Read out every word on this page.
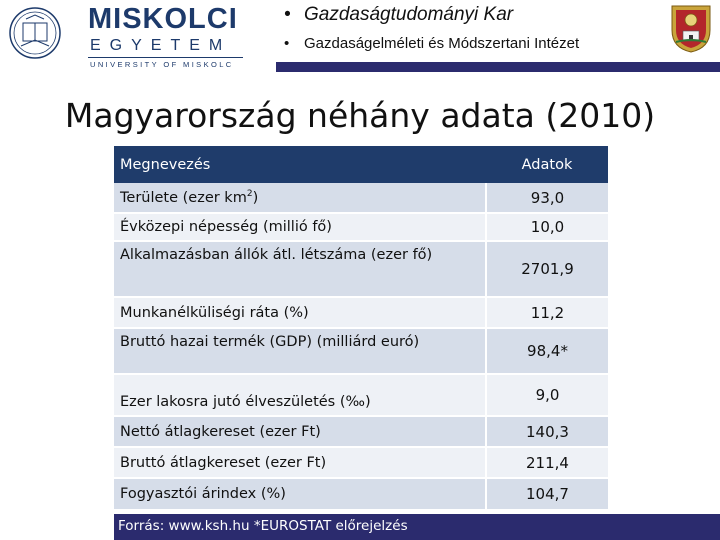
MISKOLCI
EGYETEM
UNIVERSITY OF MISKOLC
• Gazdaságtudományi Kar
• Gazdaságelméleti és Módszertani Intézet
Magyarország néhány adata (2010)
Megnevezés	Adatok
Területe (ezer $km^2$)	93,0
Évközepi népesség (millió fő)	10,0
Alkalmazásban állók átl. létszáma (ezer fő)	2701,9
Munkanélküliségi ráta (%)	11,2
Bruttó hazai termék (GDP) (milliárd euró)	98,4*
Ezer lakosra jutó élveszületés (‰)	9,0
Nettó átlagkereset (ezer Ft)	140,3
Bruttó átlagkereset (ezer Ft)	211,4
Fogyasztói árindex (%)	104,7
Forrás: www.ksh.hu *EUROSTAT előrejelzés
